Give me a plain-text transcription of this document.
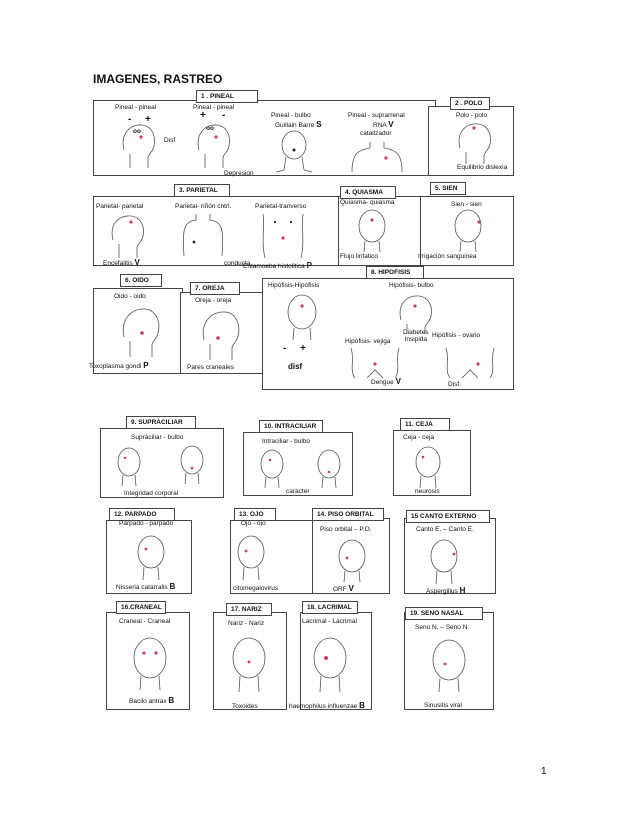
IMAGENES, RASTREO
1 . PINEAL
Pineal - pineal	Pineal - pineal
Pineal - bulbo	Pineal - suprarrenal
Guillain Barre S	RNA V
catalizador
Disf
Depresion
- +	+ -
oo	oo
2 . POLO
Polo - polo
Equilibrio dislexia
3. PARIETAL
Parietal- parietal	Parietal- riñón cntrl.	Parietal-tranverso
Encefalitis V	conducta
Entamoeba histolitica P
4. QUIASMA
Quiasma- quiasma
Flujo linfatico
5. SIEN
Sien - sien
Irrigación sanguinea
6. OIDO
Oido - oido
Toxoplasma gondi P
7. OREJA
Oreja - oreja
Pares craneales
8. HIPOFISIS
Hipófisis-Hipófisis	Hipófisis- bulbo
Hipófisis- vejiga
Hipófisis - ovario
Diabetes
Insipida
Dengue V	Disf.
disf
- +
9. SUPRACILIAR
Supráciliar - bulbo
Integridad corporal
10. INTRACILIAR
Intraciliar - bulbo
caracter
11. CEJA
Ceja - ceja
neurosis
12. PARPADO
Párpado - parpado
Nisseria catarralis B
13. OJO
Ojo - ojo
citomegalovirus
14. PISO ORBITAL
Piso orbital – P.O.
ORF V
15 CANTO EXTERNO
Canto E. – Canto E.
Aspergillus H
16.CRANEAL
Craneal - Craneal
Bacilo antrax B
17. NARIZ
Nariz - Nariz
Toxoides
18. LACRIMAL
Lacrimal - Lacrimal
haemophilus influenzae B
19. SENO NASAL
Seno N. – Seno N.
Sinusitis viral
1
